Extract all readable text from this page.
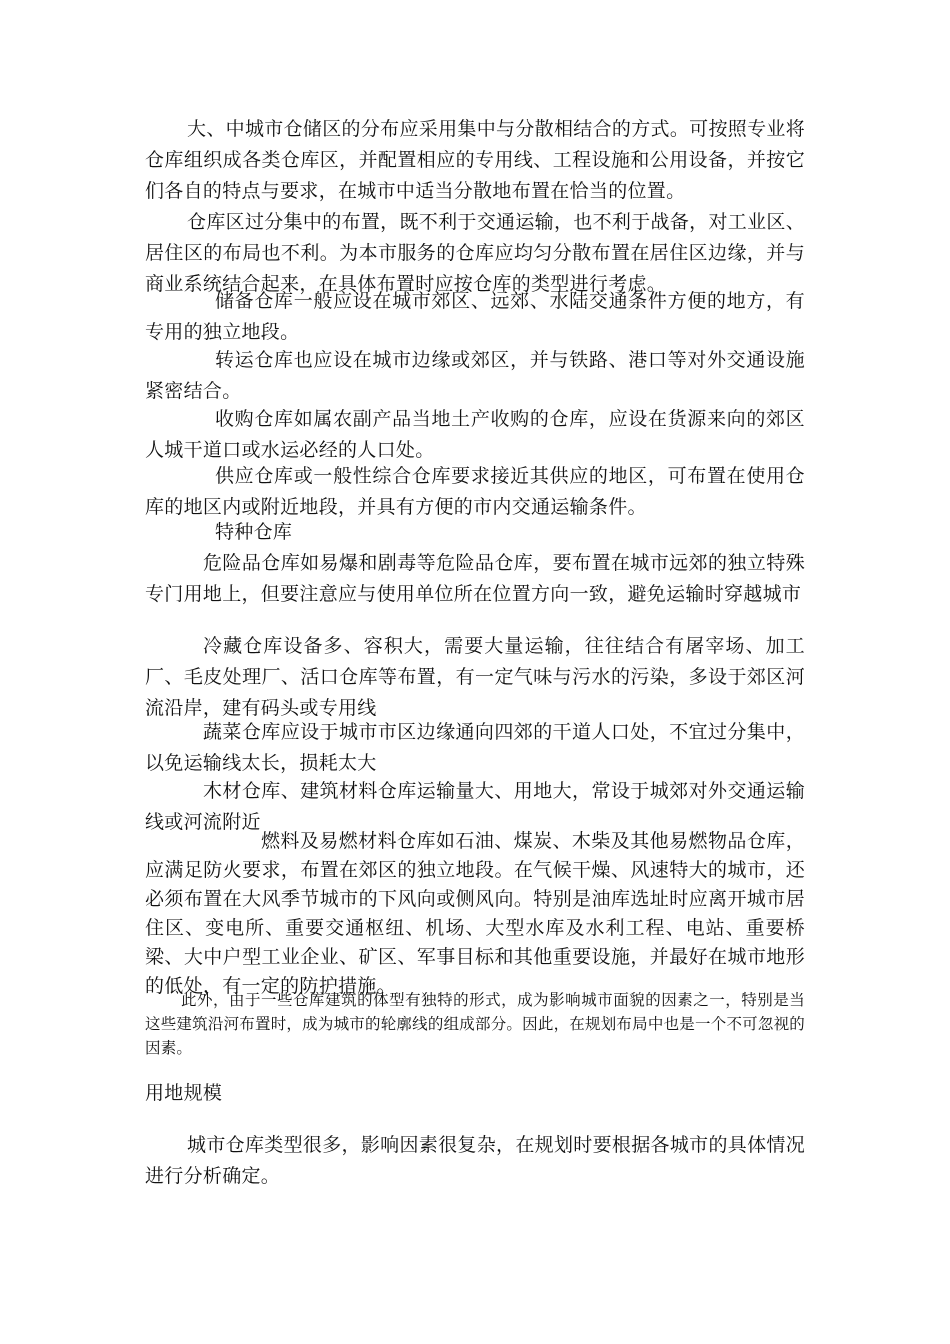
大、中城市仓储区的分布应采用集中与分散相结合的方式。可按照专业将仓库组织成各类仓库区，并配置相应的专用线、工程设施和公用设备，并按它们各自的特点与要求，在城市中适当分散地布置在恰当的位置。

仓库区过分集中的布置，既不利于交通运输，也不利于战备，对工业区、居住区的布局也不利。为本市服务的仓库应均匀分散布置在居住区边缘，并与商业系统结合起来，在具体布置时应按仓库的类型进行考虑。

储备仓库一般应设在城市郊区、远郊、水陆交通条件方便的地方，有专用的独立地段。

转运仓库也应设在城市边缘或郊区，并与铁路、港口等对外交通设施紧密结合。

收购仓库如属农副产品当地土产收购的仓库，应设在货源来向的郊区人城干道口或水运必经的人口处。

供应仓库或一般性综合仓库要求接近其供应的地区，可布置在使用仓库的地区内或附近地段，并具有方便的市内交通运输条件。

特种仓库

危险品仓库如易爆和剧毒等危险品仓库，要布置在城市远郊的独立特殊专门用地上，但要注意应与使用单位所在位置方向一致，避免运输时穿越城市

冷藏仓库设备多、容积大，需要大量运输，往往结合有屠宰场、加工厂、毛皮处理厂、活口仓库等布置，有一定气味与污水的污染，多设于郊区河流沿岸，建有码头或专用线

蔬菜仓库应设于城市市区边缘通向四郊的干道人口处，不宜过分集中，以免运输线太长，损耗太大

木材仓库、建筑材料仓库运输量大、用地大，常设于城郊对外交通运输线或河流附近

燃料及易燃材料仓库如石油、煤炭、木柴及其他易燃物品仓库，应满足防火要求，布置在郊区的独立地段。在气候干燥、风速特大的城市，还必须布置在大风季节城市的下风向或侧风向。特别是油库选址时应离开城市居住区、变电所、重要交通枢纽、机场、大型水库及水利工程、电站、重要桥梁、大中户型工业企业、矿区、军事目标和其他重要设施，并最好在城市地形的低处，有一定的防护措施。

此外，由于一些仓库建筑的体型有独特的形式，成为影响城市面貌的因素之一，特别是当这些建筑沿河布置时，成为城市的轮廓线的组成部分。因此，在规划布局中也是一个不可忽视的因素。

用地规模

城市仓库类型很多，影响因素很复杂，在规划时要根据各城市的具体情况进行分析确定。
